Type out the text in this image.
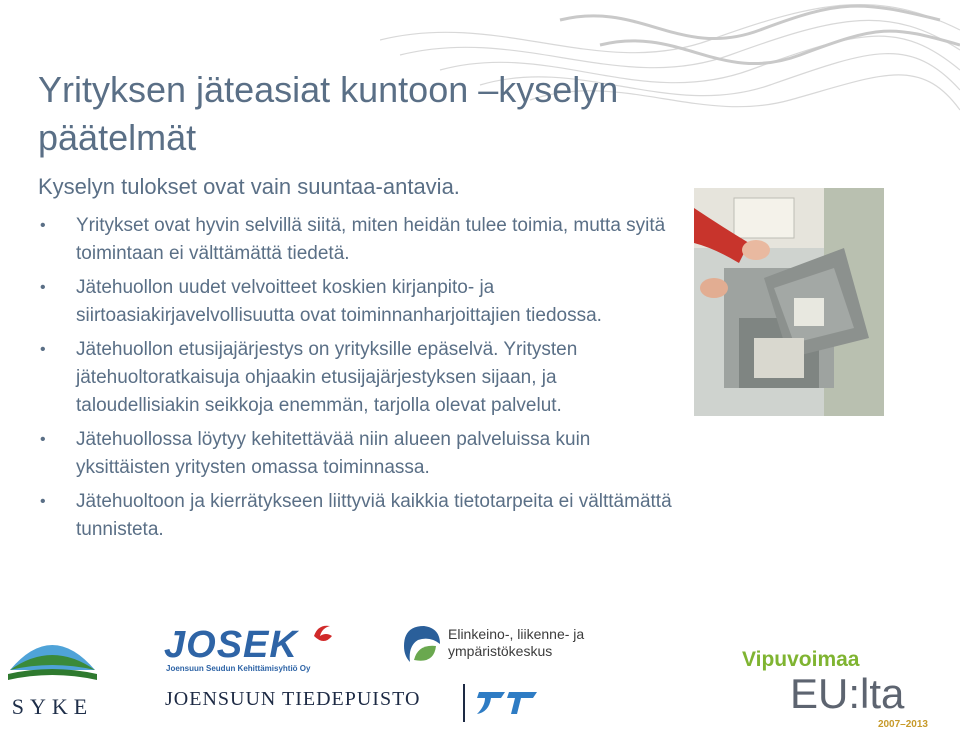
Yrityksen jäteasiat kuntoon –kyselyn päätelmät

Kyselyn tulokset ovat vain suuntaa-antavia.

• Yritykset ovat hyvin selvillä siitä, miten heidän tulee toimia, mutta syitä toimintaan ei välttämättä tiedetä.
• Jätehuollon uudet velvoitteet koskien kirjanpito- ja siirtoasiakirjavelvollisuutta ovat toiminnanharjoittajien tiedossa.
• Jätehuollon etusijajärjestys on yrityksille epäselvä. Yritysten jätehuoltoratkaisuja ohjaakin etusijajärjestyksen sijaan, ja taloudellisiakin seikkoja enemmän, tarjolla olevat palvelut.
• Jätehuollossa löytyy kehitettävää niin alueen palveluissa kuin yksittäisten yritysten omassa toiminnassa.
• Jätehuoltoon ja kierrätykseen liittyviä kaikkia tietotarpeita ei välttämättä tunnisteta.
SYKE
JOSEK
Joensuun Seudun Kehittämisyhtiö Oy
Elinkeino-, liikenne- ja ympäristökeskus
JOENSUUN TIEDEPUISTO
Vipuvoimaa
EU:lta
2007–2013
